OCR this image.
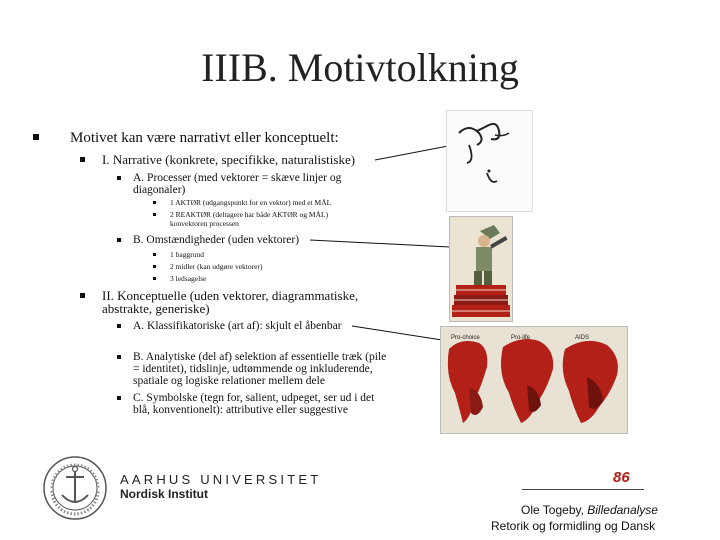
IIIB. Motivtolkning
Motivet kan være narrativt eller konceptuelt:
I. Narrative (konkrete, specifikke, naturalistiske)
A. Processer (med vektorer = skæve linjer og
diagonaler)
1 AKTØR (udgangspunkt for en vektor) med et MÅL
2 REAKTØR (deltagere har både AKTØR og MÅL)
konvektoren processen
B. Omstændigheder (uden vektorer)
1 baggrund
2 midler (kan udgøre vektorer)
3 ledsagelse
II. Konceptuelle (uden vektorer, diagrammatiske,
abstrakte, generiske)
A. Klassifikatoriske (art af): skjult el åbenbar
B. Analytiske (del af) selektion af essentielle træk (pile
= identitet), tidslinje, udtømmende og inkluderende,
spatiale og logiske relationer mellem dele
C. Symbolske (tegn for, salient, udpeget, ser ud i det
blå, konventionelt): attributive eller suggestive
Pro-choice	Pro-life	AIDS
AARHUS UNIVERSITET
Nordisk Institut
86
Ole Togeby, Billedanalyse
Retorik og formidling og Dansk
